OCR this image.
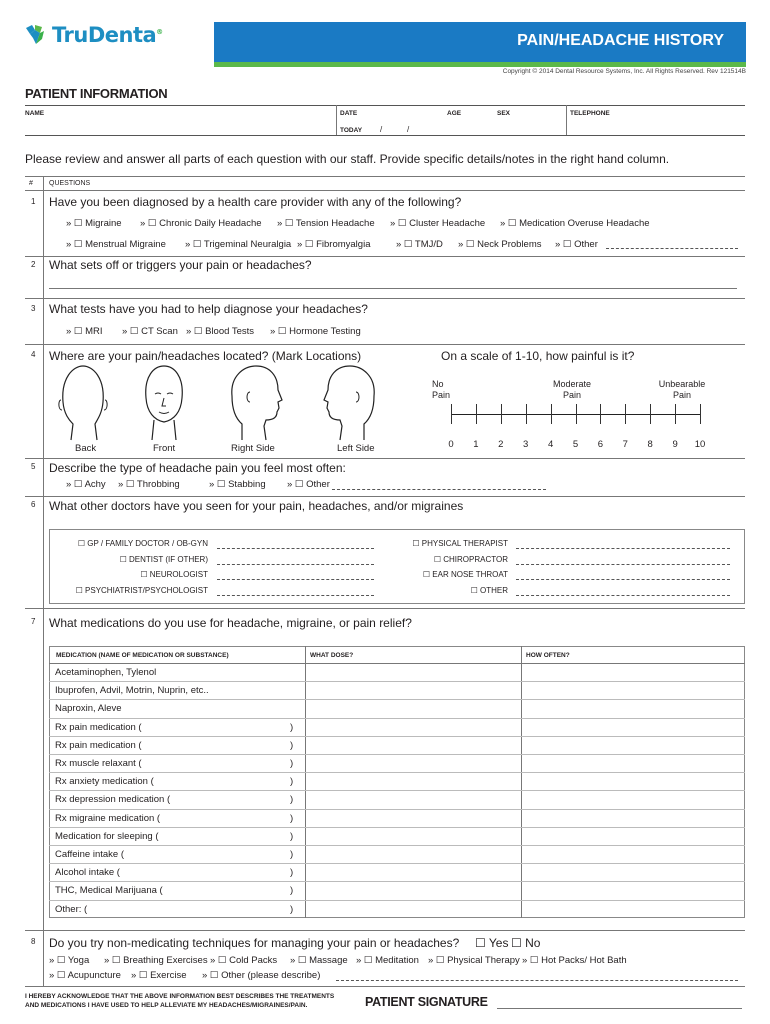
TruDenta®	PAIN/HEADACHE HISTORY
Copyright © 2014 Dental Resource Systems, Inc. All Rights Reserved. Rev 121514B
PATIENT INFORMATION
NAME	DATE	AGE	SEX	TELEPHONE
TODAY /	/
Please review and answer all parts of each question with our staff. Provide specific details/notes in the right hand column.
# QUESTIONS
1 Have you been diagnosed by a health care provider with any of the following?
» ☐ Migraine » ☐ Chronic Daily Headache » ☐ Tension Headache » ☐ Cluster Headache » ☐ Medication Overuse Headache
» ☐ Menstrual Migraine » ☐ Trigeminal Neuralgia » ☐ Fibromyalgia	» ☐ TMJ/D » ☐ Neck Problems » ☐ Other
2 What sets off or triggers your pain or headaches?
3 What tests have you had to help diagnose your headaches?
» ☐ MRI » ☐ CT Scan » ☐ Blood Tests » ☐ Hormone Testing
4 Where are your pain/headaches located? (Mark Locations)	On a scale of 1-10, how painful is it?
Back	Front	Right Side	Left Side
No
Pain
Moderate
Pain
Unbearable
Pain
0	1	2	3	4	5	6	7	8	9	10
5 Describe the type of headache pain you feel most often:
» ☐ Achy » ☐ Throbbing	» ☐ Stabbing » ☐ Other
6 What other doctors have you seen for your pain, headaches, and/or migraines
☐ GP / FAMILY DOCTOR / OB-GYN
☐ DENTIST (IF OTHER)
☐ NEUROLOGIST
☐ PSYCHIATRIST/PSYCHOLOGIST
☐ PHYSICAL THERAPIST
☐ CHIROPRACTOR
☐ EAR NOSE THROAT
☐ OTHER
7 What medications do you use for headache, migraine, or pain relief?
MEDICATION (NAME OF MEDICATION OR SUBSTANCE)	WHAT DOSE?	HOW OFTEN?
Acetaminophen, Tylenol
Ibuprofen, Advil, Motrin, Nuprin, etc..
Naproxin, Aleve
Rx pain medication (	)
Rx pain medication (	)
Rx muscle relaxant (	)
Rx anxiety medication (	)
Rx depression medication (	)
Rx migraine medication (	)
Medication for sleeping (	)
Caffeine intake (	)
Alcohol intake (	)
THC, Medical Marijuana (	)
Other: (	)
8 Do you try non-medicating techniques for managing your pain or headaches? ☐ Yes ☐ No
» ☐ Yoga » ☐ Breathing Exercises » ☐ Cold Packs » ☐ Massage » ☐ Meditation » ☐ Physical Therapy » ☐ Hot Packs/ Hot Bath
» ☐ Acupuncture » ☐ Exercise » ☐ Other (please describe)
I HEREBY ACKNOWLEDGE THAT THE ABOVE INFORMATION BEST DESCRIBES THE TREATMENTS AND MEDICATIONS I HAVE USED TO HELP ALLEVIATE MY HEADACHES/MIGRAINES/PAIN.	PATIENT SIGNATURE
